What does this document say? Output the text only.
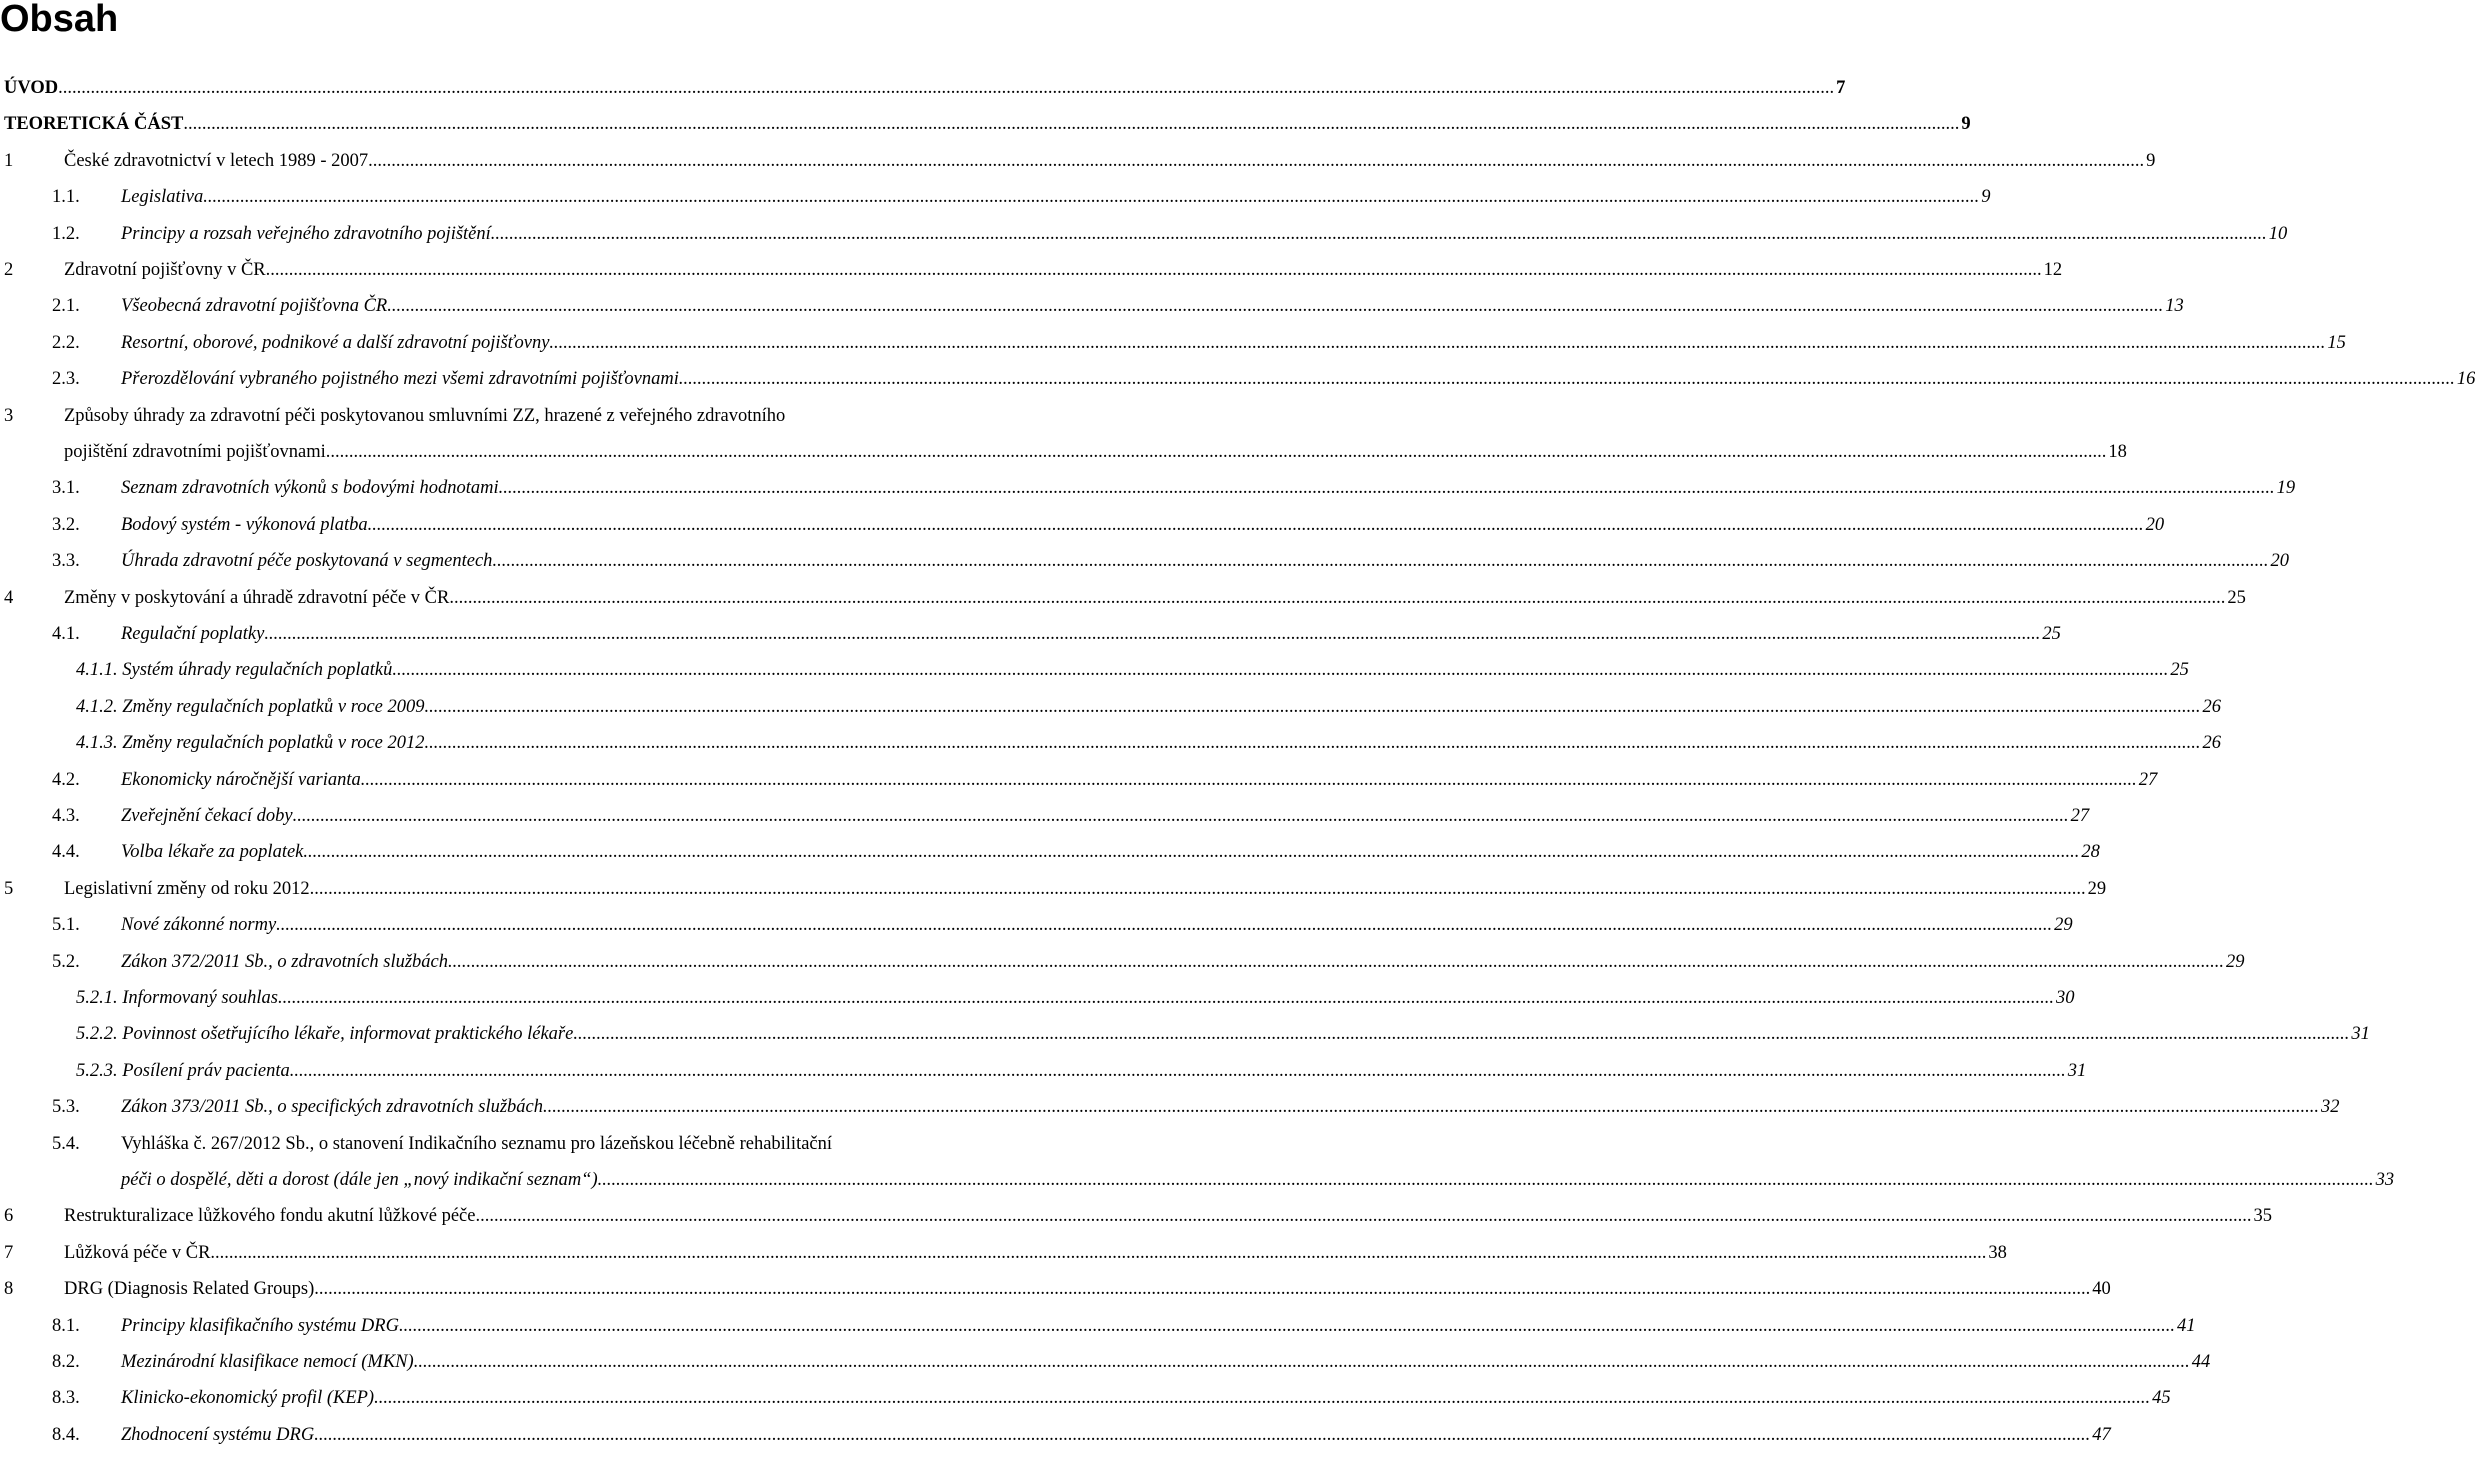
Obsah
ÚVOD .....	7
TEORETICKÁ ČÁST .....	9
1	České zdravotnictví v letech 1989 - 2007 .....	9
1.1. Legislativa .....	9
1.2. Principy a rozsah veřejného zdravotního pojištění .....	10
2	Zdravotní pojišťovny v ČR .....	12
2.1. Všeobecná zdravotní pojišťovna ČR .....	13
2.2. Resortní, oborové, podnikové a další zdravotní pojišťovny .....	15
2.3. Přerozdělování vybraného pojistného mezi všemi zdravotními pojišťovnami .....	16
3	Způsoby úhrady za zdravotní péči poskytovanou smluvními ZZ, hrazené z veřejného zdravotního
pojištění zdravotními pojišťovnami. .....	18
3.1. Seznam zdravotních výkonů s bodovými hodnotami .....	19
3.2. Bodový systém - výkonová platba .....	20
3.3. Úhrada zdravotní péče poskytovaná v segmentech .....	20
4	Změny v poskytování a úhradě zdravotní péče v ČR .....	25
4.1. Regulační poplatky .....	25
4.1.1. Systém úhrady regulačních poplatků .....	25
4.1.2. Změny regulačních poplatků v roce 2009 .....	26
4.1.3. Změny regulačních poplatků v roce 2012 .....	26
4.2. Ekonomicky náročnější varianta .....	27
4.3. Zveřejnění čekací doby .....	27
4.4. Volba lékaře za poplatek .....	28
5	Legislativní změny od roku 2012 .....	29
5.1. Nové zákonné normy .....	29
5.2. Zákon 372/2011 Sb., o zdravotních službách .....	29
5.2.1. Informovaný souhlas .....	30
5.2.2. Povinnost ošetřujícího lékaře, informovat praktického lékaře .....	31
5.2.3. Posílení práv pacienta .....	31
5.3. Zákon 373/2011 Sb., o specifických zdravotních službách .....	32
5.4. Vyhláška č. 267/2012 Sb., o stanovení Indikačního seznamu pro lázeňskou léčebně rehabilitační
péči o dospělé, děti a dorost (dále jen „nový indikační seznam“) .....	33
6	Restrukturalizace lůžkového fondu akutní lůžkové péče .....	35
7	Lůžková péče v ČR .....	38
8	DRG (Diagnosis Related Groups) .....	40
8.1. Principy klasifikačního systému DRG .....	41
8.2. Mezinárodní klasifikace nemocí (MKN) .....	44
8.3. Klinicko-ekonomický profil (KEP) .....	45
8.4. Zhodnocení systému DRG .....	47
